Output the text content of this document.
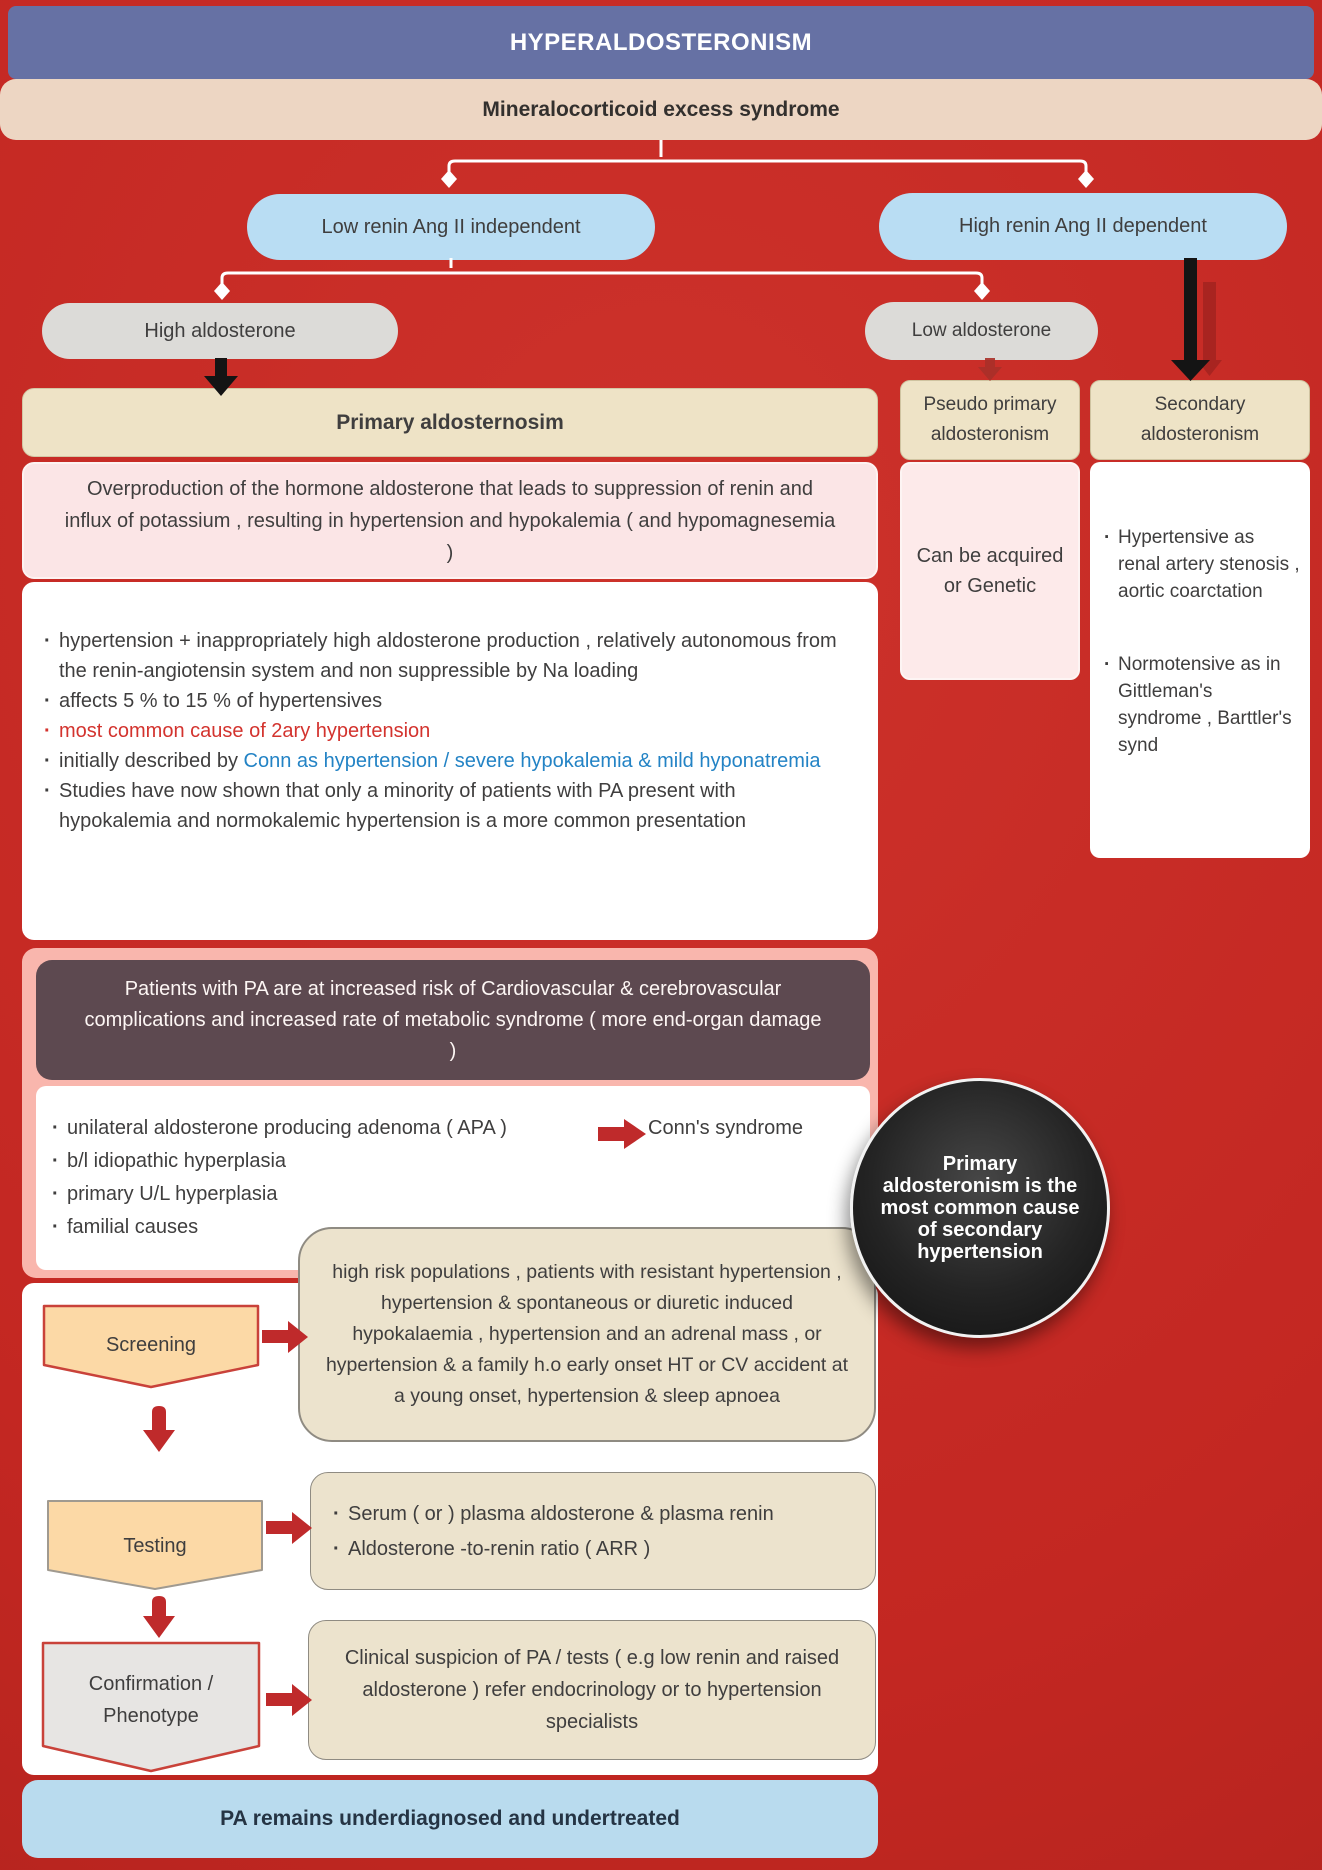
HYPERALDOSTERONISM
Mineralocorticoid excess syndrome
Low renin Ang II independent	High renin Ang II dependent
High aldosterone	Low aldosterone
Primary aldosternosim
Overproduction of the hormone aldosterone that leads to suppression of renin and influx of potassium , resulting in hypertension and hypokalemia ( and hypomagnesemia )
· hypertension + inappropriately high aldosterone production , relatively autonomous from the renin-angiotensin system and non suppressible by Na loading
· affects 5 % to 15 % of hypertensives
· most common cause of 2ary hypertension
· initially described by Conn as hypertension / severe hypokalemia & mild hyponatremia
· Studies have now shown that only a minority of patients with PA present with hypokalemia and normokalemic hypertension is a more common presentation
Patients with PA are at increased risk of Cardiovascular & cerebrovascular complications and increased rate of metabolic syndrome ( more end-organ damage )
· unilateral aldosterone producing adenoma ( APA )	Conn's syndrome
· b/l idiopathic hyperplasia
· primary U/L hyperplasia
· familial causes
Pseudo primary aldosteronism
Can be acquired or Genetic
Secondary aldosteronism
· Hypertensive as renal artery stenosis , aortic coarctation
· Normotensive as in Gittleman's syndrome , Barttler's synd
Primary aldosteronism is the most common cause of secondary hypertension
Screening
high risk populations , patients with resistant hypertension , hypertension & spontaneous or diuretic induced hypokalaemia , hypertension and an adrenal mass , or hypertension & a family h.o early onset HT or CV accident at a young onset, hypertension & sleep apnoea
Testing
· Serum ( or ) plasma aldosterone & plasma renin
· Aldosterone -to-renin ratio ( ARR )
Confirmation / Phenotype
Clinical suspicion of PA / tests ( e.g low renin and raised aldosterone ) refer endocrinology or to hypertension specialists
PA remains underdiagnosed and undertreated
